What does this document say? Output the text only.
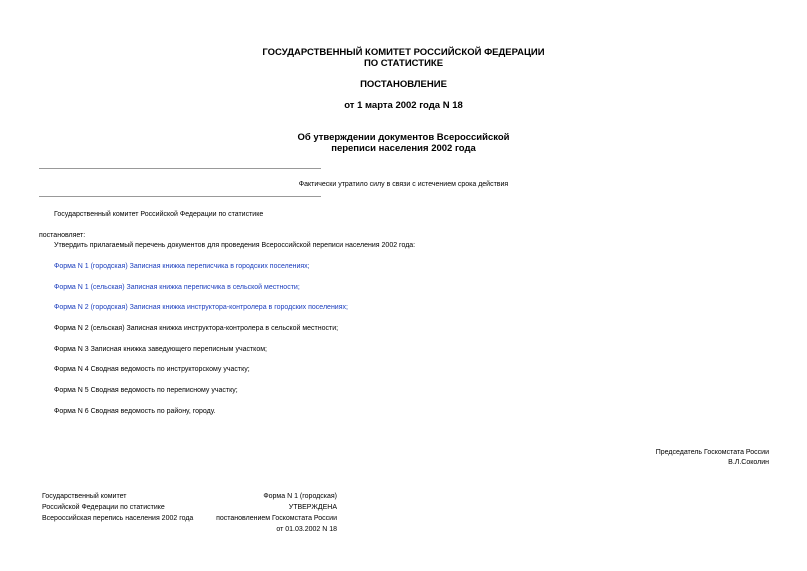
ГОСУДАРСТВЕННЫЙ КОМИТЕТ РОССИЙСКОЙ ФЕДЕРАЦИИ
ПО СТАТИСТИКЕ
ПОСТАНОВЛЕНИЕ
от 1 марта 2002 года N 18
Об утверждении документов Всероссийской
переписи населения 2002 года
Фактически утратило силу в связи с истечением срока действия
Государственный комитет Российской Федерации по статистике
постановляет:
Утвердить прилагаемый перечень документов для проведения Всероссийской переписи населения 2002 года:
Форма N 1 (городская) Записная книжка переписчика в городских поселениях;
Форма N 1 (сельская) Записная книжка переписчика в сельской местности;
Форма N 2 (городская) Записная книжка инструктора-контролера в городских поселениях;
Форма N 2 (сельская) Записная книжка инструктора-контролера в сельской местности;
Форма N 3 Записная книжка заведующего переписным участком;
Форма N 4 Сводная ведомость по инструкторскому участку;
Форма N 5 Сводная ведомость по переписному участку;
Форма N 6 Сводная ведомость по району, городу.
Председатель Госкомстата России
В.Л.Соколин
Государственный комитет
Российской Федерации по статистике
Всероссийская перепись населения 2002 года
Форма N 1 (городская)
УТВЕРЖДЕНА
постановлением Госкомстата России
от 01.03.2002 N 18
